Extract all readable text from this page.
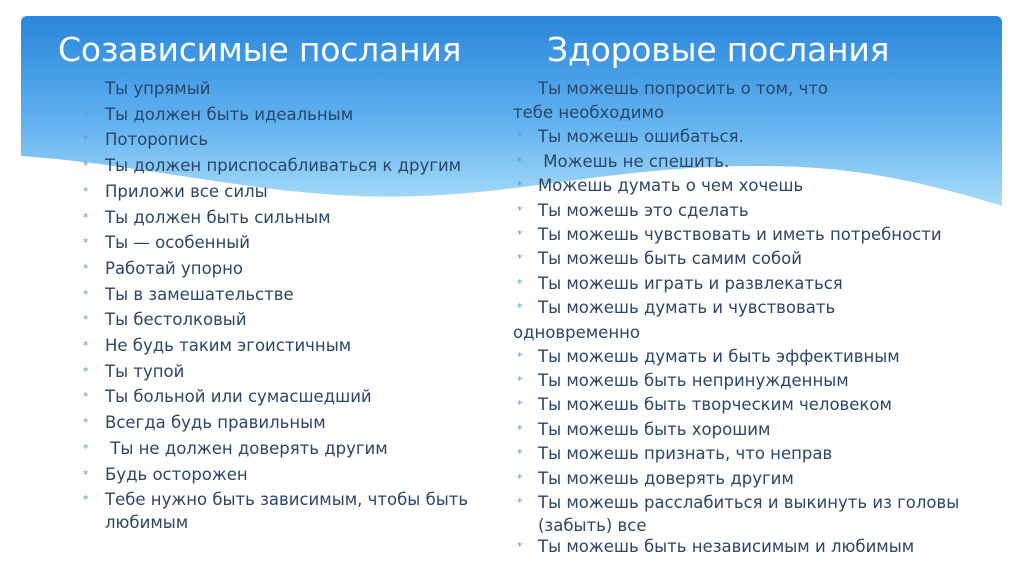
Созависимые послания
* Ты упрямый
* Ты должен быть идеальным
* Поторопись
* Ты должен приспосабливаться к другим
* Приложи все силы
* Ты должен быть сильным
* Ты — особенный
* Работай упорно
* Ты в замешательстве
* Ты бестолковый
* Не будь таким эгоистичным
* Ты тупой
* Ты больной или сумасшедший
* Всегда будь правильным
* Ты не должен доверять другим
* Будь осторожен
* Тебе нужно быть зависимым, чтобы быть
любимым
Здоровые послания
* Ты можешь попросить о том, что
тебе необходимо
* Ты можешь ошибаться.
* Можешь не спешить.
* Можешь думать о чем хочешь
* Ты можешь это сделать
* Ты можешь чувствовать и иметь потребности
* Ты можешь быть самим собой
* Ты можешь играть и развлекаться
* Ты можешь думать и чувствовать
одновременно
* Ты можешь думать и быть эффективным
* Ты можешь быть непринужденным
* Ты можешь быть творческим человеком
* Ты можешь быть хорошим
* Ты можешь признать, что неправ
* Ты можешь доверять другим
* Ты можешь расслабиться и выкинуть из головы
(забыть) все
* Ты можешь быть независимым и любимым
